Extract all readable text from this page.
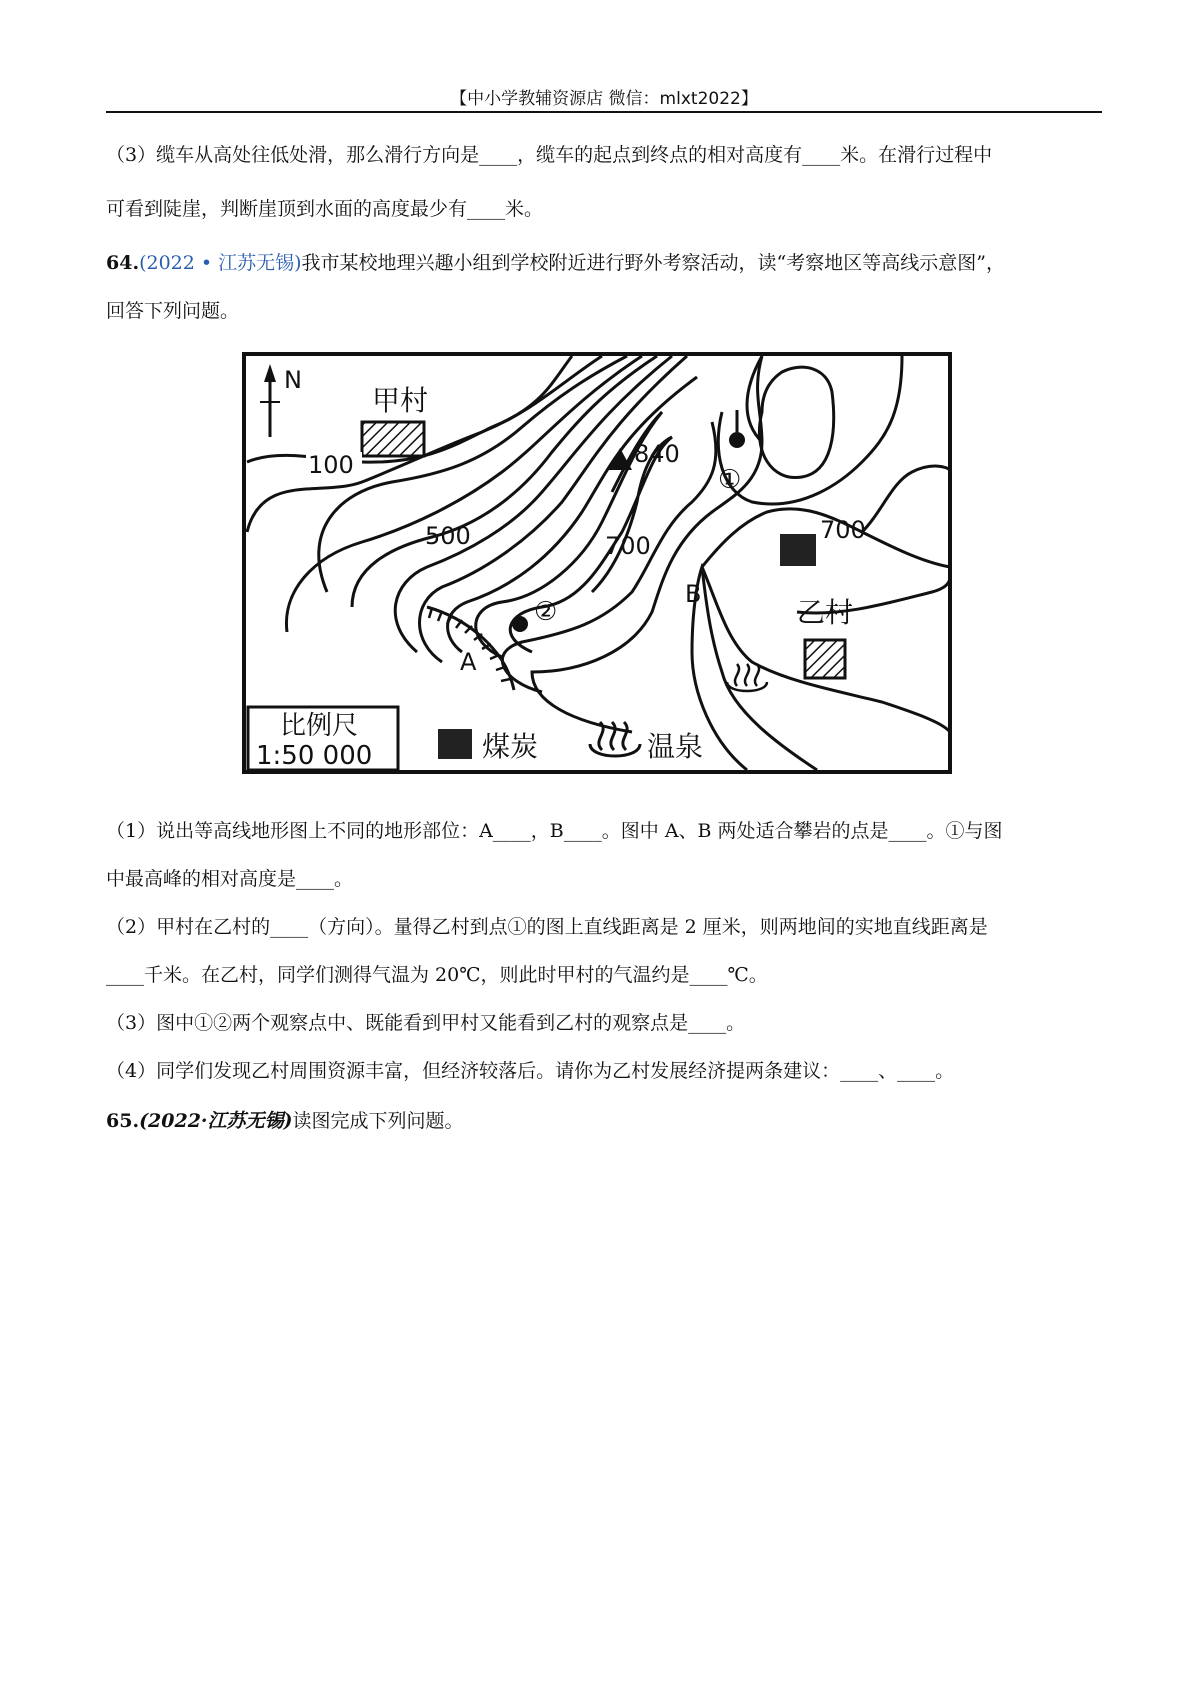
【中小学教辅资源店 微信：mlxt2022】

（3）缆车从高处往低处滑，那么滑行方向是____，缆车的起点到终点的相对高度有____米。在滑行过程中

可看到陡崖，判断崖顶到水面的高度最少有____米。

64.(2022 • 江苏无锡)我市某校地理兴趣小组到学校附近进行野外考察活动，读“考察地区等高线示意图”，

回答下列问题。

N
甲村
乙村
100
500	700
700
840
①
②
A
B
比例尺
1:50 000	煤炭	温泉

（1）说出等高线地形图上不同的地形部位：A____，B____。图中 A、B 两处适合攀岩的点是____。①与图

中最高峰的相对高度是____。

（2）甲村在乙村的____（方向）。量得乙村到点①的图上直线距离是 2 厘米，则两地间的实地直线距离是

____千米。在乙村，同学们测得气温为 20℃，则此时甲村的气温约是____℃。

（3）图中①②两个观察点中、既能看到甲村又能看到乙村的观察点是____。

（4）同学们发现乙村周围资源丰富，但经济较落后。请你为乙村发展经济提两条建议：____、____。

65.(2022·江苏无锡)读图完成下列问题。
